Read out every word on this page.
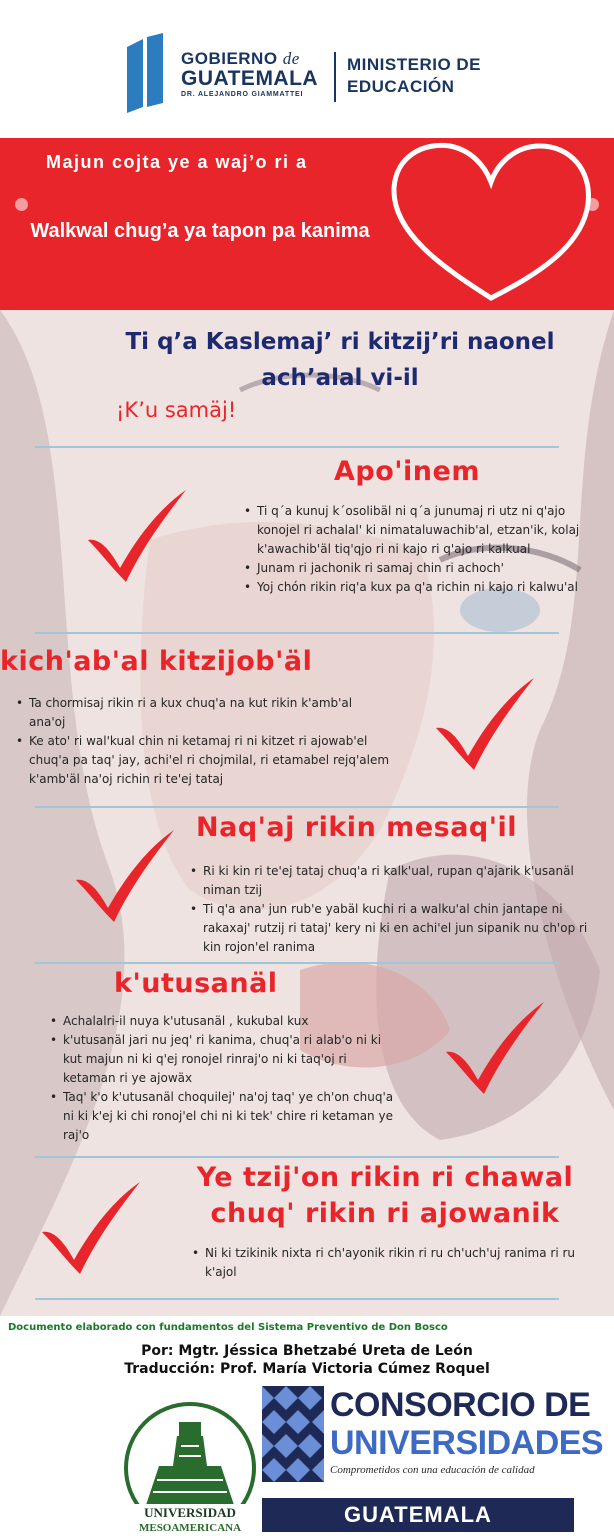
GOBIERNO de
GUATEMALA
DR. ALEJANDRO GIAMMATTEI
MINISTERIO DE
EDUCACIÓN
Majun cojta ye a waj’o ri a
Walkwal chug’a ya tapon pa kanima
Ti q’a Kaslemaj’ ri kitzij’ri naonel ach’alal vi-il
¡K’u samäj!
Apo'inem
• Ti q´a kunuj k´osolibäl ni q´a junumaj ri utz ni q'ajo konojel ri achalal' ki nimataluwachib'al, etzan'ik, kolaj k'awachib'äl tiq'qjo ri ni kajo ri q'ajo ri kalkual
• Junam ri jachonik ri samaj chin ri achoch'
• Yoj chón rikin riq'a kux pa q'a richin ni kajo ri kalwu'al
kich'ab'al kitzijob'äl
• Ta chormisaj rikin ri a kux chuq'a na kut rikin k'amb'al ana'oj
• Ke ato' ri wal'kual chin ni ketamaj ri ni kitzet ri ajowab'el chuq'a pa taq' jay, achi'el ri chojmilal, ri etamabel rejq'alem k'amb'äl na'oj richin ri te'ej tataj
Naq'aj rikin mesaq'il
• Ri ki kin ri te'ej tataj chuq'a ri kalk'ual, rupan q'ajarik k'usanäl niman tzij
• Ti q'a ana' jun rub'e yabäl kuchi ri a walku'al chin jantape ni rakaxaj' rutzij ri tataj' kery ni ki en achi'el jun sipanik nu ch'op ri kin rojon'el ranima
k'utusanäl
• Achalalri-il nuya k'utusanäl , kukubal kux
• k'utusanäl jari nu jeq' ri kanima, chuq'a ri alab'o ni ki kut majun ni ki q'ej ronojel rinraj'o ni ki taq'oj ri ketaman ri ye ajowäx
• Taq' k'o k'utusanäl choquilej' na'oj taq' ye ch'on chuq'a ni ki k'ej ki chi ronoj'el chi ni ki tek' chire ri ketaman ye raj'o
Ye tzij'on rikin ri chawal chuq' rikin ri ajowanik
• Ni ki tzikinik nixta ri ch'ayonik rikin ri ru ch'uch'uj ranima ri ru k'ajol
Documento elaborado con fundamentos del Sistema Preventivo de Don Bosco
Por: Mgtr. Jéssica Bhetzabé Ureta de León
Traducción: Prof. María Victoria Cúmez Roquel
UNIVERSIDAD
MESOAMERICANA
CONSORCIO DE
UNIVERSIDADES
Comprometidos con una educación de calidad
GUATEMALA
